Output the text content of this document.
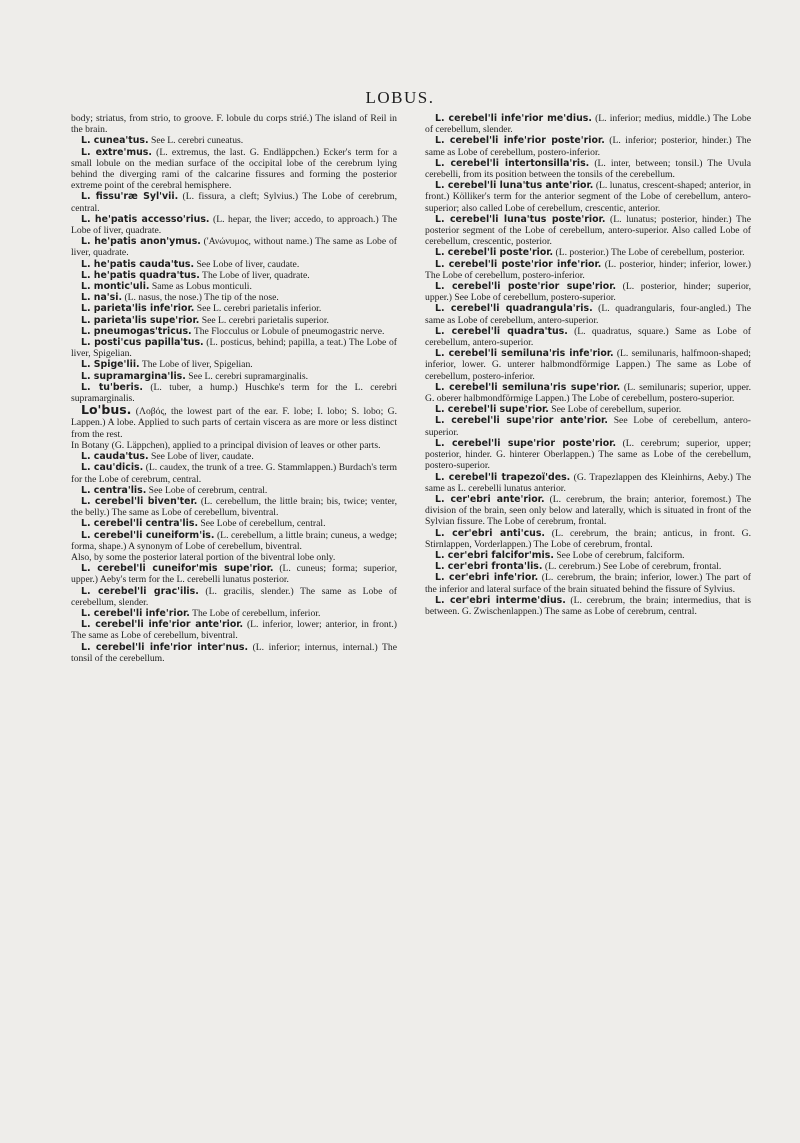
LOBUS.

body; striatus, from strio, to groove. F. lobule du corps strié.) The island of Reil in the brain.

L. cunea'tus. See L. cerebri cuneatus.

L. extre'mus. (L. extremus, the last. G. Endläppchen.) Ecker's term for a small lobule on the median surface of the occipital lobe of the cerebrum lying behind the diverging rami of the calcarine fissures and forming the posterior extreme point of the cerebral hemisphere.

L. fissu'ræ Syl'vii. (L. fissura, a cleft; Sylvius.) The Lobe of cerebrum, central.

L. he'patis accesso'rius. (L. hepar, the liver; accedo, to approach.) The Lobe of liver, quadrate.

L. he'patis anon'ymus. ('Ανώνυμος, without name.) The same as Lobe of liver, quadrate.

L. he'patis cauda'tus. See Lobe of liver, caudate.

L. he'patis quadra'tus. The Lobe of liver, quadrate.

L. montic'uli. Same as Lobus monticuli.

L. na'si. (L. nasus, the nose.) The tip of the nose.

L. parieta'lis infe'rior. See L. cerebri parietalis inferior.

L. parieta'lis supe'rior. See L. cerebri parietalis superior.

L. pneumogas'tricus. The Flocculus or Lobule of pneumogastric nerve.

L. posti'cus papilla'tus. (L. posticus, behind; papilla, a teat.) The Lobe of liver, Spigelian.

L. Spige'lii. The Lobe of liver, Spigelian.

L. supramargina'lis. See L. cerebri supramarginalis.

L. tu'beris. (L. tuber, a hump.) Huschke's term for the L. cerebri supramarginalis.

Lo'bus. (Λοβός, the lowest part of the ear. F. lobe; I. lobo; S. lobo; G. Lappen.) A lobe. Applied to such parts of certain viscera as are more or less distinct from the rest.

In Botany (G. Läppchen), applied to a principal division of leaves or other parts.

L. cauda'tus. See Lobe of liver, caudate.

L. cau'dicis. (L. caudex, the trunk of a tree. G. Stammlappen.) Burdach's term for the Lobe of cerebrum, central.

L. centra'lis. See Lobe of cerebrum, central.

L. cerebel'li biven'ter. (L. cerebellum, the little brain; bis, twice; venter, the belly.) The same as Lobe of cerebellum, biventral.

L. cerebel'li centra'lis. See Lobe of cerebellum, central.

L. cerebel'li cuneiform'is. (L. cerebellum, a little brain; cuneus, a wedge; forma, shape.) A synonym of Lobe of cerebellum, biventral.

Also, by some the posterior lateral portion of the biventral lobe only.

L. cerebel'li cuneifor'mis supe'rior. (L. cuneus; forma; superior, upper.) Aeby's term for the L. cerebelli lunatus posterior.

L. cerebel'li grac'ilis. (L. gracilis, slender.) The same as Lobe of cerebellum, slender.

L. cerebel'li infe'rior. The Lobe of cerebellum, inferior.

L. cerebel'li infe'rior ante'rior. (L. inferior, lower; anterior, in front.) The same as Lobe of cerebellum, biventral.

L. cerebel'li infe'rior inter'nus. (L. inferior; internus, internal.) The tonsil of the cerebellum.

L. cerebel'li infe'rior me'dius. (L. inferior; medius, middle.) The Lobe of cerebellum, slender.

L. cerebel'li infe'rior poste'rior. (L. inferior; posterior, hinder.) The same as Lobe of cerebellum, postero-inferior.

L. cerebel'li intertonsilla'ris. (L. inter, between; tonsil.) The Uvula cerebelli, from its position between the tonsils of the cerebellum.

L. cerebel'li luna'tus ante'rior. (L. lunatus, crescent-shaped; anterior, in front.) Kölliker's term for the anterior segment of the Lobe of cerebellum, antero-superior; also called Lobe of cerebellum, crescentic, anterior.

L. cerebel'li luna'tus poste'rior. (L. lunatus; posterior, hinder.) The posterior segment of the Lobe of cerebellum, antero-superior. Also called Lobe of cerebellum, crescentic, posterior.

L. cerebel'li poste'rior. (L. posterior.) The Lobe of cerebellum, posterior.

L. cerebel'li poste'rior infe'rior. (L. posterior, hinder; inferior, lower.) The Lobe of cerebellum, postero-inferior.

L. cerebel'li poste'rior supe'rior. (L. posterior, hinder; superior, upper.) See Lobe of cerebellum, postero-superior.

L. cerebel'li quadrangula'ris. (L. quadrangularis, four-angled.) The same as Lobe of cerebellum, antero-superior.

L. cerebel'li quadra'tus. (L. quadratus, square.) Same as Lobe of cerebellum, antero-superior.

L. cerebel'li semiluna'ris infe'rior. (L. semilunaris, halfmoon-shaped; inferior, lower. G. unterer halbmondförmige Lappen.) The same as Lobe of cerebellum, postero-inferior.

L. cerebel'li semiluna'ris supe'rior. (L. semilunaris; superior, upper. G. oberer halbmondförmige Lappen.) The Lobe of cerebellum, postero-superior.

L. cerebel'li supe'rior. See Lobe of cerebellum, superior.

L. cerebel'li supe'rior ante'rior. See Lobe of cerebellum, antero-superior.

L. cerebel'li supe'rior poste'rior. (L. cerebrum; superior, upper; posterior, hinder. G. hinterer Oberlappen.) The same as Lobe of the cerebellum, postero-superior.

L. cerebel'li trapezoï'des. (G. Trapezlappen des Kleinhirns, Aeby.) The same as L. cerebelli lunatus anterior.

L. cer'ebri ante'rior. (L. cerebrum, the brain; anterior, foremost.) The division of the brain, seen only below and laterally, which is situated in front of the Sylvian fissure. The Lobe of cerebrum, frontal.

L. cer'ebri anti'cus. (L. cerebrum, the brain; anticus, in front. G. Stirnlappen, Vorderlappen.) The Lobe of cerebrum, frontal.

L. cer'ebri falcifor'mis. See Lobe of cerebrum, falciform.

L. cer'ebri fronta'lis. (L. cerebrum.) See Lobe of cerebrum, frontal.

L. cer'ebri infe'rior. (L. cerebrum, the brain; inferior, lower.) The part of the inferior and lateral surface of the brain situated behind the fissure of Sylvius.

L. cer'ebri interme'dius. (L. cerebrum, the brain; intermedius, that is between. G. Zwischenlappen.) The same as Lobe of cerebrum, central.
